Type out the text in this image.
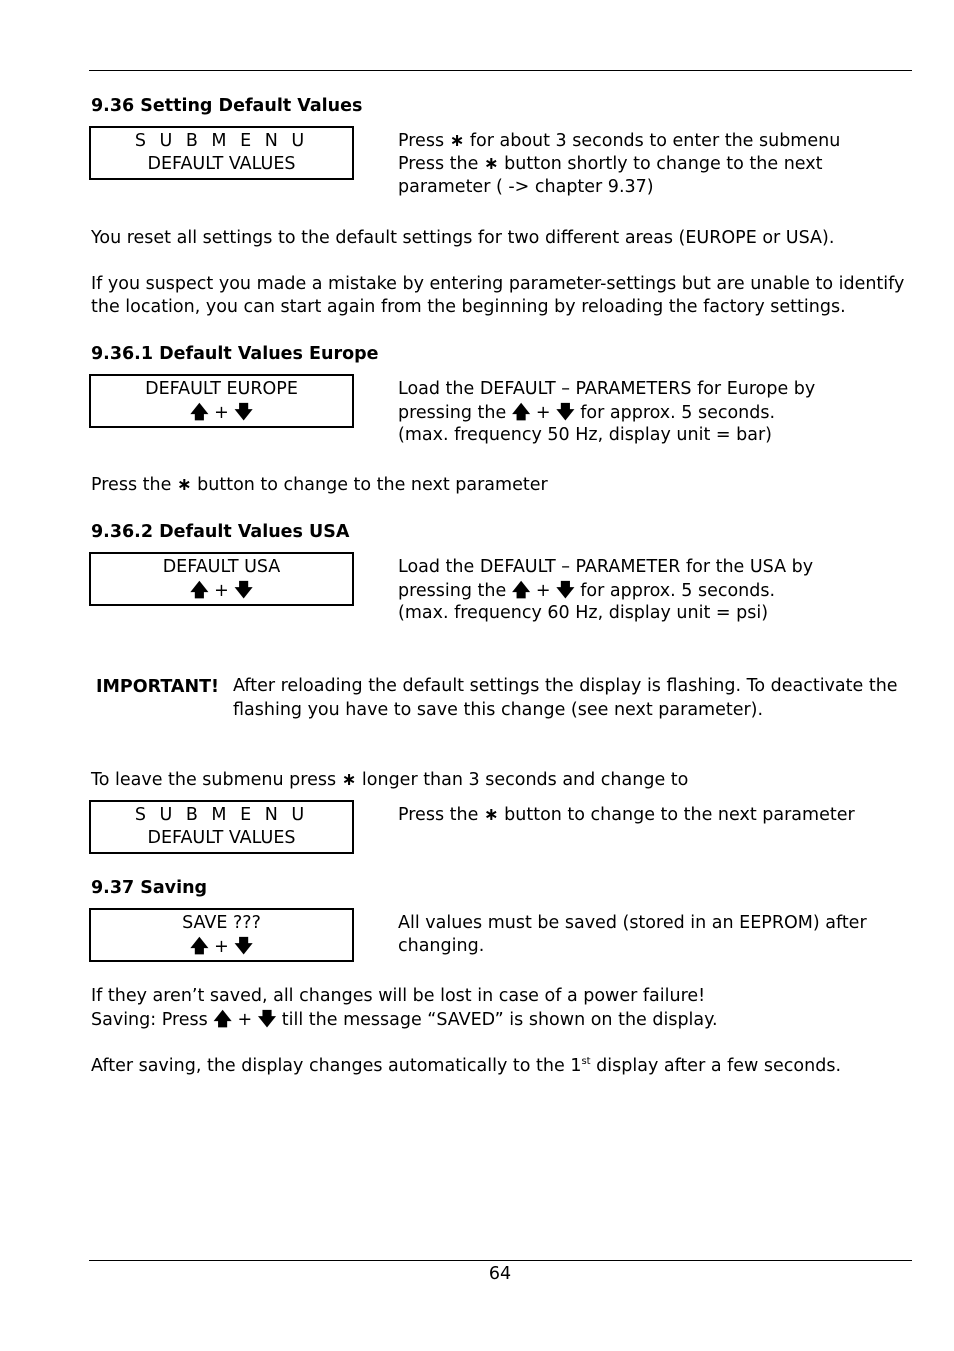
9.36 Setting Default Values
S U B M E N U
DEFAULT VALUES
Press ∗ for about 3 seconds to enter the submenu
Press the ∗ button shortly to change to the next
parameter ( -> chapter 9.37)
You reset all settings to the default settings for two different areas (EUROPE or USA).
If you suspect you made a mistake by entering parameter-settings but are unable to identify
the location, you can start again from the beginning by reloading the factory settings.
9.36.1 Default Values Europe
DEFAULT EUROPE
🡅 + 🡇
Load the DEFAULT – PARAMETERS for Europe by
pressing the 🡅 + 🡇 for approx. 5 seconds.
(max. frequency 50 Hz, display unit = bar)
Press the ∗ button to change to the next parameter
9.36.2 Default Values USA
DEFAULT USA
🡅 + 🡇
Load the DEFAULT – PARAMETER for the USA by
pressing the 🡅 + 🡇 for approx. 5 seconds.
(max. frequency 60 Hz, display unit = psi)
IMPORTANT! After reloading the default settings the display is flashing. To deactivate the
flashing you have to save this change (see next parameter).
To leave the submenu press ∗ longer than 3 seconds and change to
S U B M E N U
DEFAULT VALUES
Press the ∗ button to change to the next parameter
9.37 Saving
SAVE ???
🡅 + 🡇
All values must be saved (stored in an EEPROM) after
changing.
If they aren’t saved, all changes will be lost in case of a power failure!
Saving: Press 🡅 + 🡇 till the message “SAVED” is shown on the display.
After saving, the display changes automatically to the 1st display after a few seconds.
64
